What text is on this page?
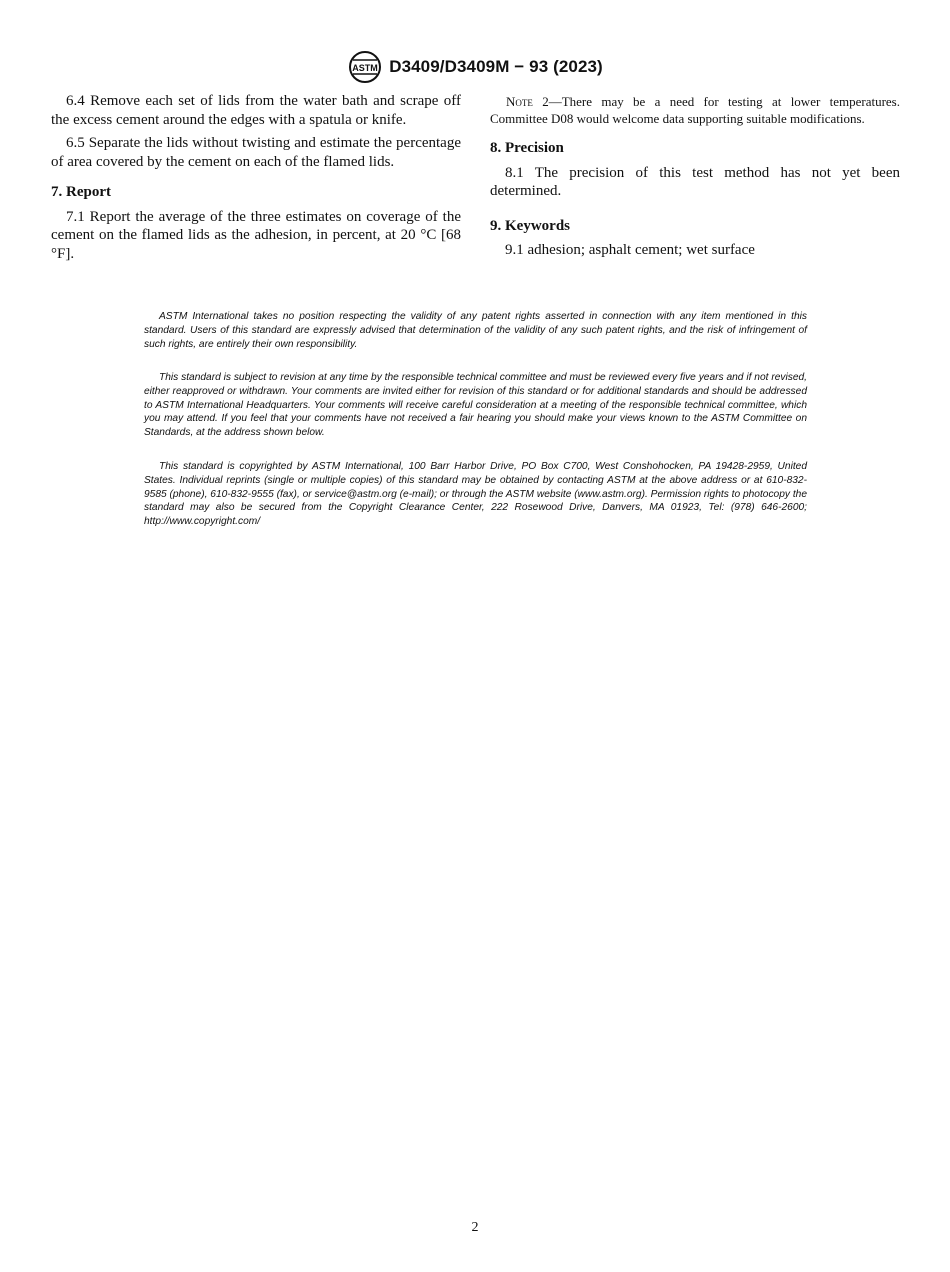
ASTM D3409/D3409M − 93 (2023)

6.4 Remove each set of lids from the water bath and scrape off the excess cement around the edges with a spatula or knife.

6.5 Separate the lids without twisting and estimate the percentage of area covered by the cement on each of the flamed lids.

7. Report

7.1 Report the average of the three estimates on coverage of the cement on the flamed lids as the adhesion, in percent, at 20 °C [68 °F].

Note 2—There may be a need for testing at lower temperatures. Committee D08 would welcome data supporting suitable modifications.

8. Precision

8.1 The precision of this test method has not yet been determined.

9. Keywords

9.1 adhesion; asphalt cement; wet surface

ASTM International takes no position respecting the validity of any patent rights asserted in connection with any item mentioned in this standard. Users of this standard are expressly advised that determination of the validity of any such patent rights, and the risk of infringement of such rights, are entirely their own responsibility.

This standard is subject to revision at any time by the responsible technical committee and must be reviewed every five years and if not revised, either reapproved or withdrawn. Your comments are invited either for revision of this standard or for additional standards and should be addressed to ASTM International Headquarters. Your comments will receive careful consideration at a meeting of the responsible technical committee, which you may attend. If you feel that your comments have not received a fair hearing you should make your views known to the ASTM Committee on Standards, at the address shown below.

This standard is copyrighted by ASTM International, 100 Barr Harbor Drive, PO Box C700, West Conshohocken, PA 19428-2959, United States. Individual reprints (single or multiple copies) of this standard may be obtained by contacting ASTM at the above address or at 610-832-9585 (phone), 610-832-9555 (fax), or service@astm.org (e-mail); or through the ASTM website (www.astm.org). Permission rights to photocopy the standard may also be secured from the Copyright Clearance Center, 222 Rosewood Drive, Danvers, MA 01923, Tel: (978) 646-2600; http://www.copyright.com/

2
